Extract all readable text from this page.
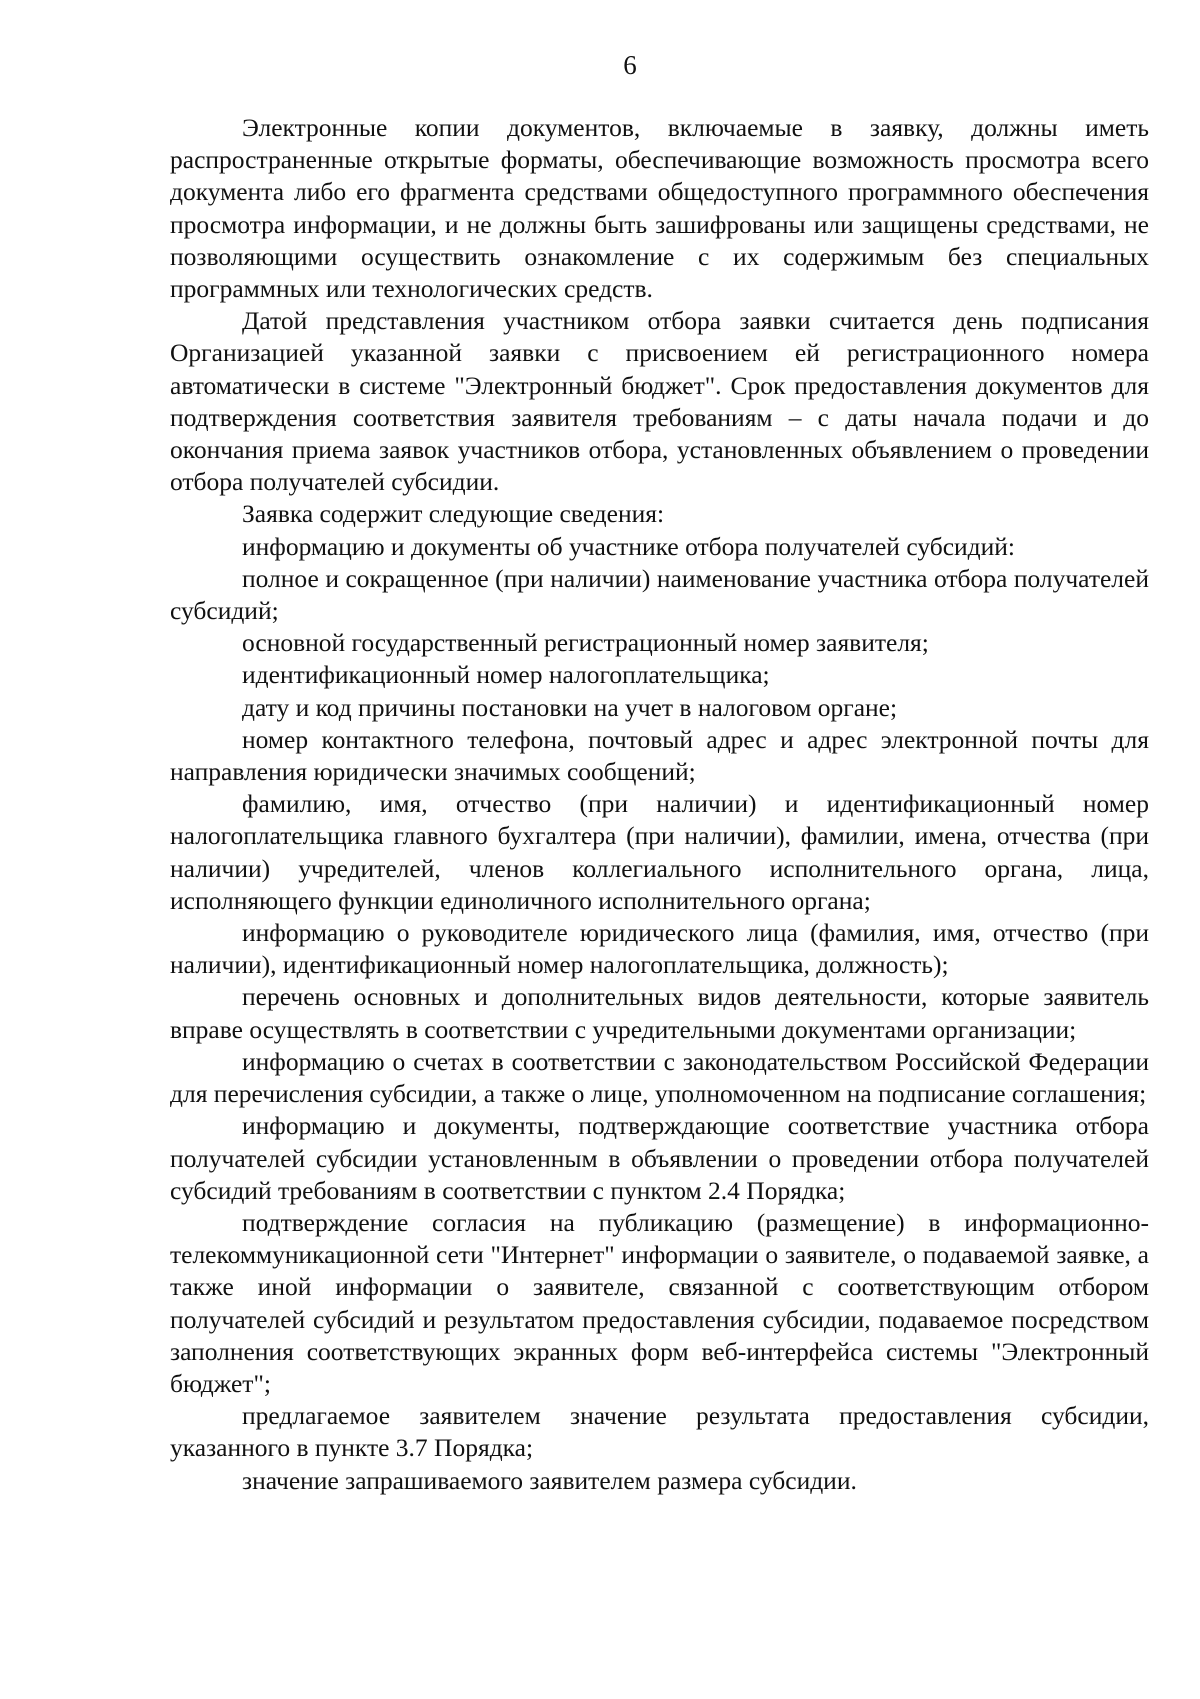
6

Электронные копии документов, включаемые в заявку, должны иметь распространенные открытые форматы, обеспечивающие возможность просмотра всего документа либо его фрагмента средствами общедоступного программного обеспечения просмотра информации, и не должны быть зашифрованы или защищены средствами, не позволяющими осуществить ознакомление с их содержимым без специальных программных или технологических средств.

Датой представления участником отбора заявки считается день подписания Организацией указанной заявки с присвоением ей регистрационного номера автоматически в системе "Электронный бюджет". Срок предоставления документов для подтверждения соответствия заявителя требованиям – с даты начала подачи и до окончания приема заявок участников отбора, установленных объявлением о проведении отбора получателей субсидии.

Заявка содержит следующие сведения:

информацию и документы об участнике отбора получателей субсидий:

полное и сокращенное (при наличии) наименование участника отбора получателей субсидий;

основной государственный регистрационный номер заявителя;

идентификационный номер налогоплательщика;

дату и код причины постановки на учет в налоговом органе;

номер контактного телефона, почтовый адрес и адрес электронной почты для направления юридически значимых сообщений;

фамилию, имя, отчество (при наличии) и идентификационный номер налогоплательщика главного бухгалтера (при наличии), фамилии, имена, отчества (при наличии) учредителей, членов коллегиального исполнительного органа, лица, исполняющего функции единоличного исполнительного органа;

информацию о руководителе юридического лица (фамилия, имя, отчество (при наличии), идентификационный номер налогоплательщика, должность);

перечень основных и дополнительных видов деятельности, которые заявитель вправе осуществлять в соответствии с учредительными документами организации;

информацию о счетах в соответствии с законодательством Российской Федерации для перечисления субсидии, а также о лице, уполномоченном на подписание соглашения;

информацию и документы, подтверждающие соответствие участника отбора получателей субсидии установленным в объявлении о проведении отбора получателей субсидий требованиям в соответствии с пунктом 2.4 Порядка;

подтверждение согласия на публикацию (размещение) в информационно-телекоммуникационной сети "Интернет" информации о заявителе, о подаваемой заявке, а также иной информации о заявителе, связанной с соответствующим отбором получателей субсидий и результатом предоставления субсидии, подаваемое посредством заполнения соответствующих экранных форм веб-интерфейса системы "Электронный бюджет";

предлагаемое заявителем значение результата предоставления субсидии, указанного в пункте 3.7 Порядка;

значение запрашиваемого заявителем размера субсидии.
